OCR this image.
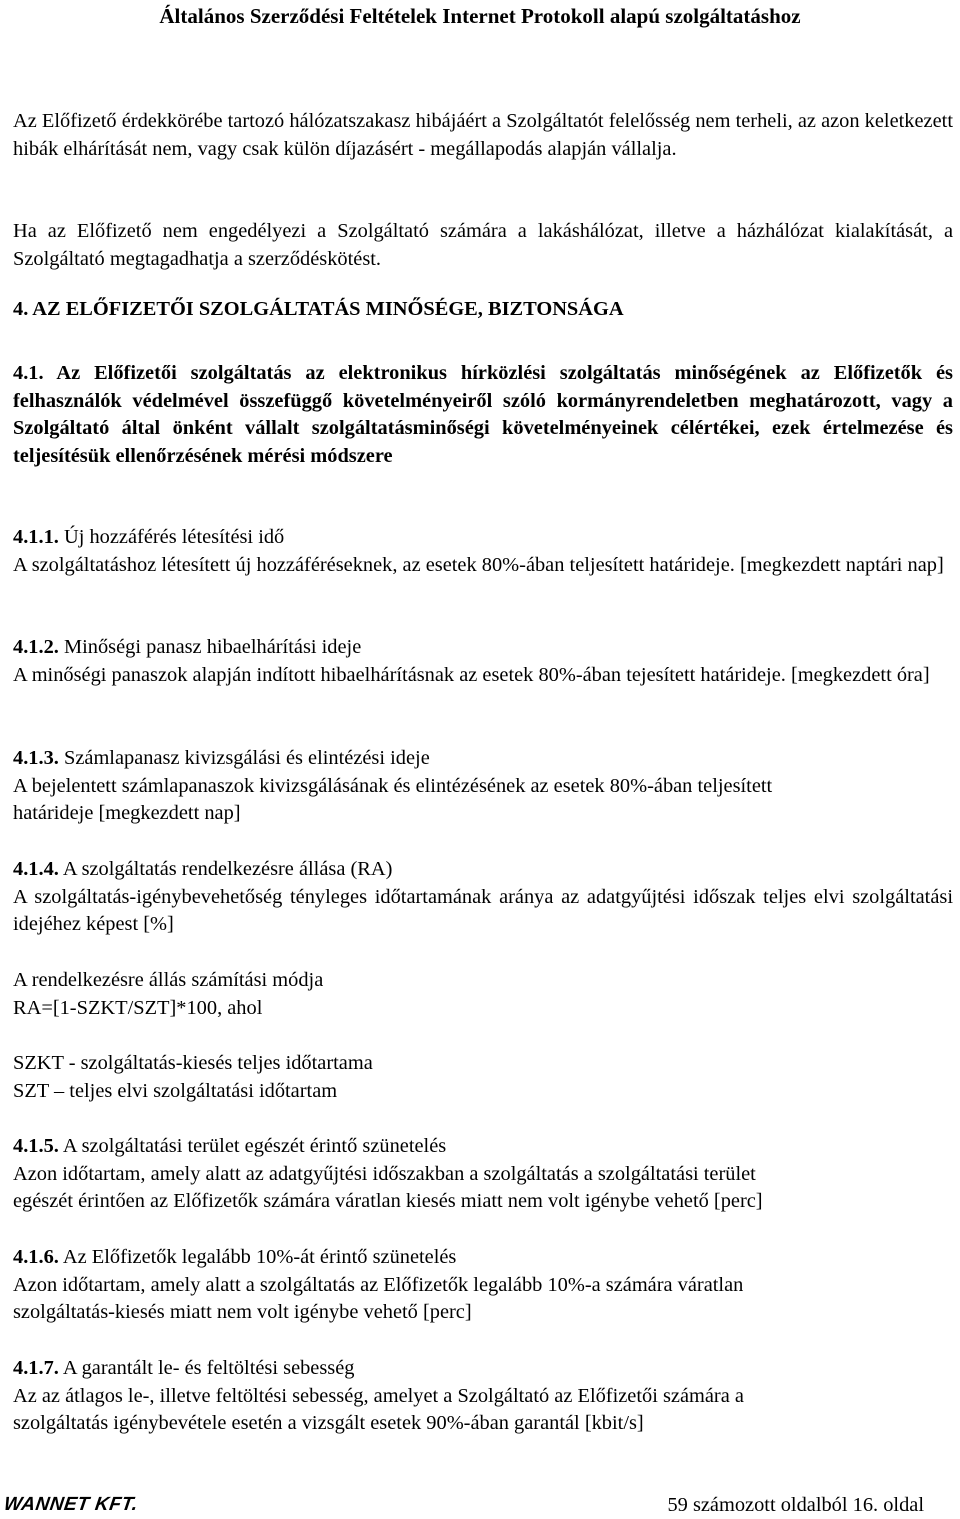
Általános Szerződési Feltételek Internet Protokoll alapú szolgáltatáshoz
Az Előfizető érdekkörébe tartozó hálózatszakasz hibájáért a Szolgáltatót felelősség nem terheli, az azon keletkezett hibák elhárítását nem, vagy csak külön díjazásért - megállapodás alapján vállalja.
Ha az Előfizető nem engedélyezi a Szolgáltató számára a lakáshálózat, illetve a házhálózat kialakítását, a Szolgáltató megtagadhatja a szerződéskötést.
4. AZ ELŐFIZETŐI SZOLGÁLTATÁS MINŐSÉGE, BIZTONSÁGA
4.1. Az Előfizetői szolgáltatás az elektronikus hírközlési szolgáltatás minőségének az Előfizetők és felhasználók védelmével összefüggő követelményeiről szóló kormányrendeletben meghatározott, vagy a Szolgáltató által önként vállalt szolgáltatásminőségi követelményeinek célértékei, ezek értelmezése és teljesítésük ellenőrzésének mérési módszere
4.1.1. Új hozzáférés létesítési idő
A szolgáltatáshoz létesített új hozzáféréseknek, az esetek 80%-ában teljesített határideje. [megkezdett naptári nap]
4.1.2. Minőségi panasz hibaelhárítási ideje
A minőségi panaszok alapján indított hibaelhárításnak az esetek 80%-ában tejesített határideje. [megkezdett óra]
4.1.3. Számlapanasz kivizsgálási és elintézési ideje
A bejelentett számlapanaszok kivizsgálásának és elintézésének az esetek 80%-ában teljesített
határideje [megkezdett nap]
4.1.4. A szolgáltatás rendelkezésre állása (RA)
A szolgáltatás-igénybevehetőség tényleges időtartamának aránya az adatgyűjtési időszak teljes elvi szolgáltatási idejéhez képest [%]
A rendelkezésre állás számítási módja
RA=[1-SZKT/SZT]*100, ahol
SZKT - szolgáltatás-kiesés teljes időtartama
SZT – teljes elvi szolgáltatási időtartam
4.1.5. A szolgáltatási terület egészét érintő szünetelés
Azon időtartam, amely alatt az adatgyűjtési időszakban a szolgáltatás a szolgáltatási terület
egészét érintően az Előfizetők számára váratlan kiesés miatt nem volt igénybe vehető [perc]
4.1.6. Az Előfizetők legalább 10%-át érintő szünetelés
Azon időtartam, amely alatt a szolgáltatás az Előfizetők legalább 10%-a számára váratlan
szolgáltatás-kiesés miatt nem volt igénybe vehető [perc]
4.1.7. A garantált le- és feltöltési sebesség
Az az átlagos le-, illetve feltöltési sebesség, amelyet a Szolgáltató az Előfizetői számára a
szolgáltatás igénybevétele esetén a vizsgált esetek 90%-ában garantál [kbit/s]
WANNET KFT.	59 számozott oldalból 16. oldal
